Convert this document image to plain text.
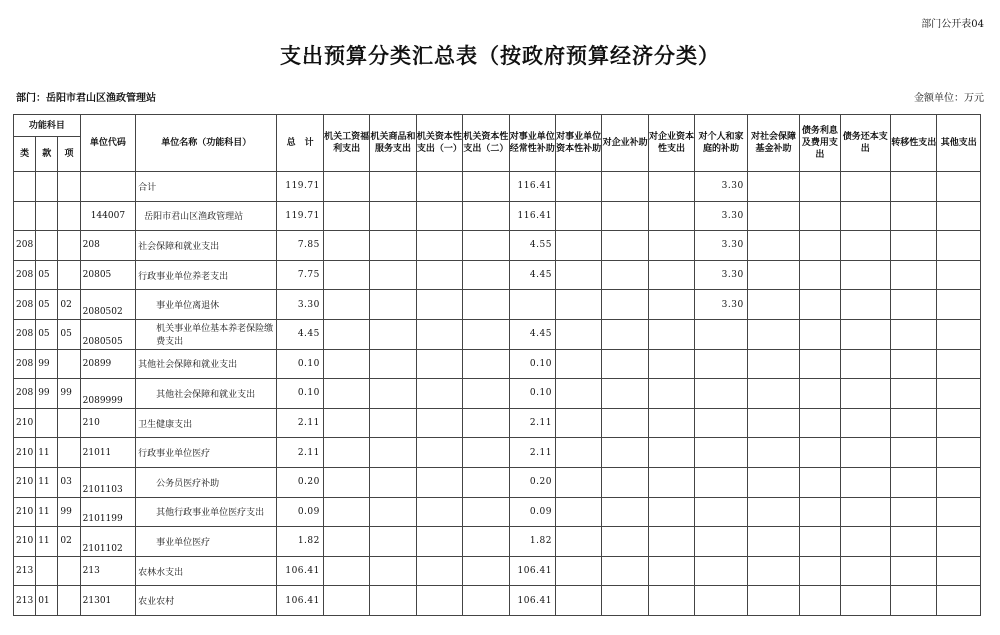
部门公开表04
支出预算分类汇总表（按政府预算经济分类）
部门：岳阳市君山区渔政管理站	金额单位：万元
功能科目			单位代码	单位名称（功能科目）	总　计	机关工资福利支出	机关商品和服务支出	机关资本性支出（一）	机关资本性支出（二）	对事业单位经常性补助	对事业单位资本性补助	对企业补助	对企业资本性支出	对个人和家庭的补助	对社会保障基金补助	债务利息及费用支出	债务还本支出	转移性支出	其他支出
类	款	项																	
				合计	119.71					116.41				3.30					
			144007	岳阳市君山区渔政管理站	119.71					116.41				3.30					
208			208	社会保障和就业支出	7.85					4.55				3.30					
208	05		20805	行政事业单位养老支出	7.75					4.45				3.30					
208	05	02	2080502	事业单位离退休	3.30									3.30					
208	05	05	2080505	机关事业单位基本养老保险缴费支出	4.45					4.45									
208	99		20899	其他社会保障和就业支出	0.10					0.10									
208	99	99	2089999	其他社会保障和就业支出	0.10					0.10									
210			210	卫生健康支出	2.11					2.11									
210	11		21011	行政事业单位医疗	2.11					2.11									
210	11	03	2101103	公务员医疗补助	0.20					0.20									
210	11	99	2101199	其他行政事业单位医疗支出	0.09					0.09									
210	11	02	2101102	事业单位医疗	1.82					1.82									
213			213	农林水支出	106.41					106.41									
213	01		21301	农业农村	106.41					106.41									
